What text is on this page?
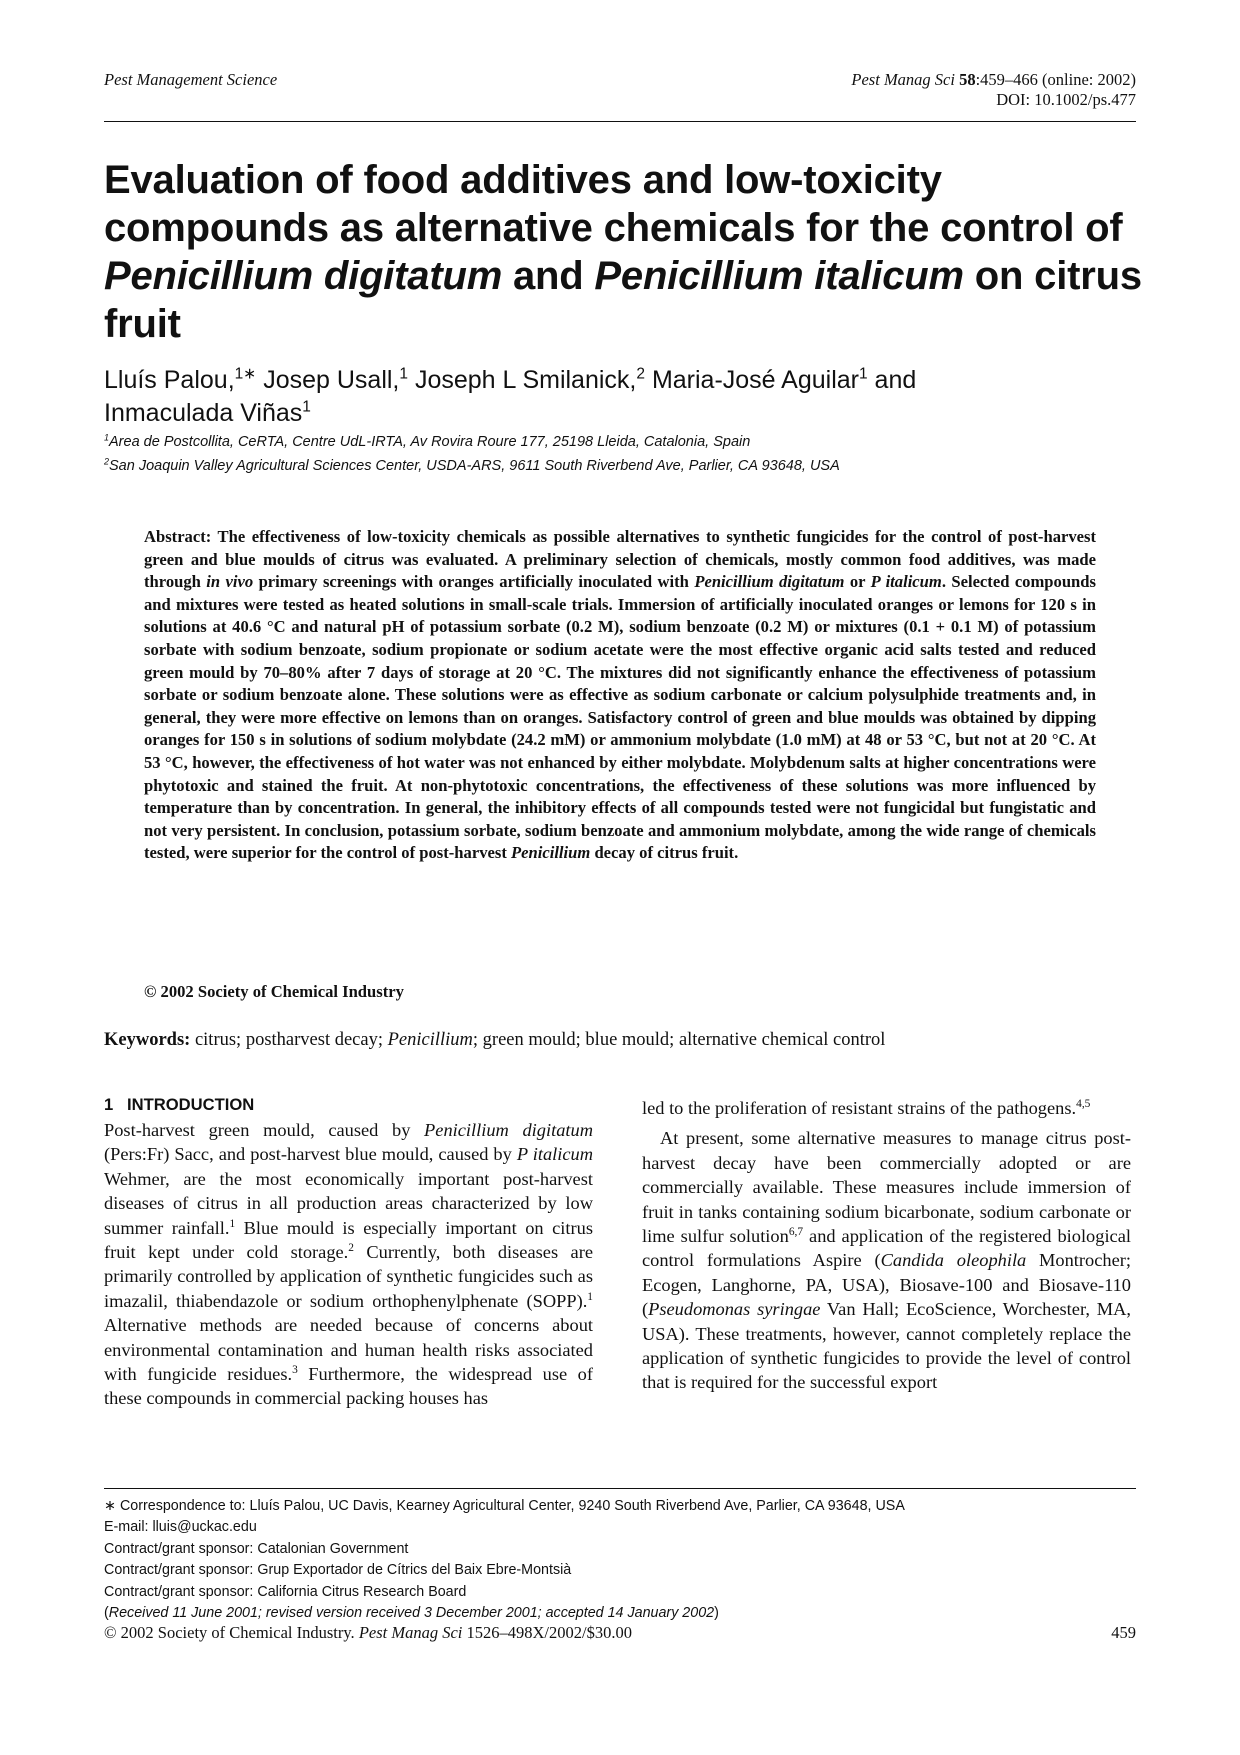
Pest Management Science	Pest Manag Sci 58:459–466 (online: 2002)
DOI: 10.1002/ps.477
Evaluation of food additives and low-toxicity compounds as alternative chemicals for the control of Penicillium digitatum and Penicillium italicum on citrus fruit
Lluís Palou,$^{1∗}$ Josep Usall,$^1$ Joseph L Smilanick,$^2$ Maria-José Aguilar$^1$ and
Inmaculada Viñas$^1$
$^1$Area de Postcollita, CeRTA, Centre UdL-IRTA, Av Rovira Roure 177, 25198 Lleida, Catalonia, Spain
$^2$San Joaquin Valley Agricultural Sciences Center, USDA-ARS, 9611 South Riverbend Ave, Parlier, CA 93648, USA
Abstract: The effectiveness of low-toxicity chemicals as possible alternatives to synthetic fungicides for the control of post-harvest green and blue moulds of citrus was evaluated. A preliminary selection of chemicals, mostly common food additives, was made through in vivo primary screenings with oranges artificially inoculated with Penicillium digitatum or P italicum. Selected compounds and mixtures were tested as heated solutions in small-scale trials. Immersion of artificially inoculated oranges or lemons for 120 s in solutions at 40.6 °C and natural pH of potassium sorbate (0.2 M), sodium benzoate (0.2 M) or mixtures (0.1 + 0.1 M) of potassium sorbate with sodium benzoate, sodium propionate or sodium acetate were the most effective organic acid salts tested and reduced green mould by 70–80% after 7 days of storage at 20 °C. The mixtures did not significantly enhance the effectiveness of potassium sorbate or sodium benzoate alone. These solutions were as effective as sodium carbonate or calcium polysulphide treatments and, in general, they were more effective on lemons than on oranges. Satisfactory control of green and blue moulds was obtained by dipping oranges for 150 s in solutions of sodium molybdate (24.2 mM) or ammonium molybdate (1.0 mM) at 48 or 53 °C, but not at 20 °C. At 53 °C, however, the effectiveness of hot water was not enhanced by either molybdate. Molybdenum salts at higher concentrations were phytotoxic and stained the fruit. At non-phytotoxic concentrations, the effectiveness of these solutions was more influenced by temperature than by concentration. In general, the inhibitory effects of all compounds tested were not fungicidal but fungistatic and not very persistent. In conclusion, potassium sorbate, sodium benzoate and ammonium molybdate, among the wide range of chemicals tested, were superior for the control of post-harvest Penicillium decay of citrus fruit.
© 2002 Society of Chemical Industry
Keywords: citrus; postharvest decay; Penicillium; green mould; blue mould; alternative chemical control
1   INTRODUCTION

Post-harvest green mould, caused by Penicillium digitatum (Pers:Fr) Sacc, and post-harvest blue mould, caused by P italicum Wehmer, are the most economically important post-harvest diseases of citrus in all production areas characterized by low summer rainfall.$^1$ Blue mould is especially important on citrus fruit kept under cold storage.$^2$ Currently, both diseases are primarily controlled by application of synthetic fungicides such as imazalil, thiabendazole or sodium orthophenylphenate (SOPP).$^1$ Alternative methods are needed because of concerns about environmental contamination and human health risks associated with fungicide residues.$^3$ Furthermore, the widespread use of these compounds in commercial packing houses has

led to the proliferation of resistant strains of the pathogens.$^{4,5}$

At present, some alternative measures to manage citrus post-harvest decay have been commercially adopted or are commercially available. These measures include immersion of fruit in tanks containing sodium bicarbonate, sodium carbonate or lime sulfur solution$^{6,7}$ and application of the registered biological control formulations Aspire (Candida oleophila Montrocher; Ecogen, Langhorne, PA, USA), Biosave-100 and Biosave-110 (Pseudomonas syringae Van Hall; EcoScience, Worchester, MA, USA). These treatments, however, cannot completely replace the application of synthetic fungicides to provide the level of control that is required for the successful export

∗ Correspondence to: Lluís Palou, UC Davis, Kearney Agricultural Center, 9240 South Riverbend Ave, Parlier, CA 93648, USA
E-mail: lluis@uckac.edu
Contract/grant sponsor: Catalonian Government
Contract/grant sponsor: Grup Exportador de Cítrics del Baix Ebre-Montsià
Contract/grant sponsor: California Citrus Research Board
(Received 11 June 2001; revised version received 3 December 2001; accepted 14 January 2002)
© 2002 Society of Chemical Industry. Pest Manag Sci 1526–498X/2002/$30.00	459
